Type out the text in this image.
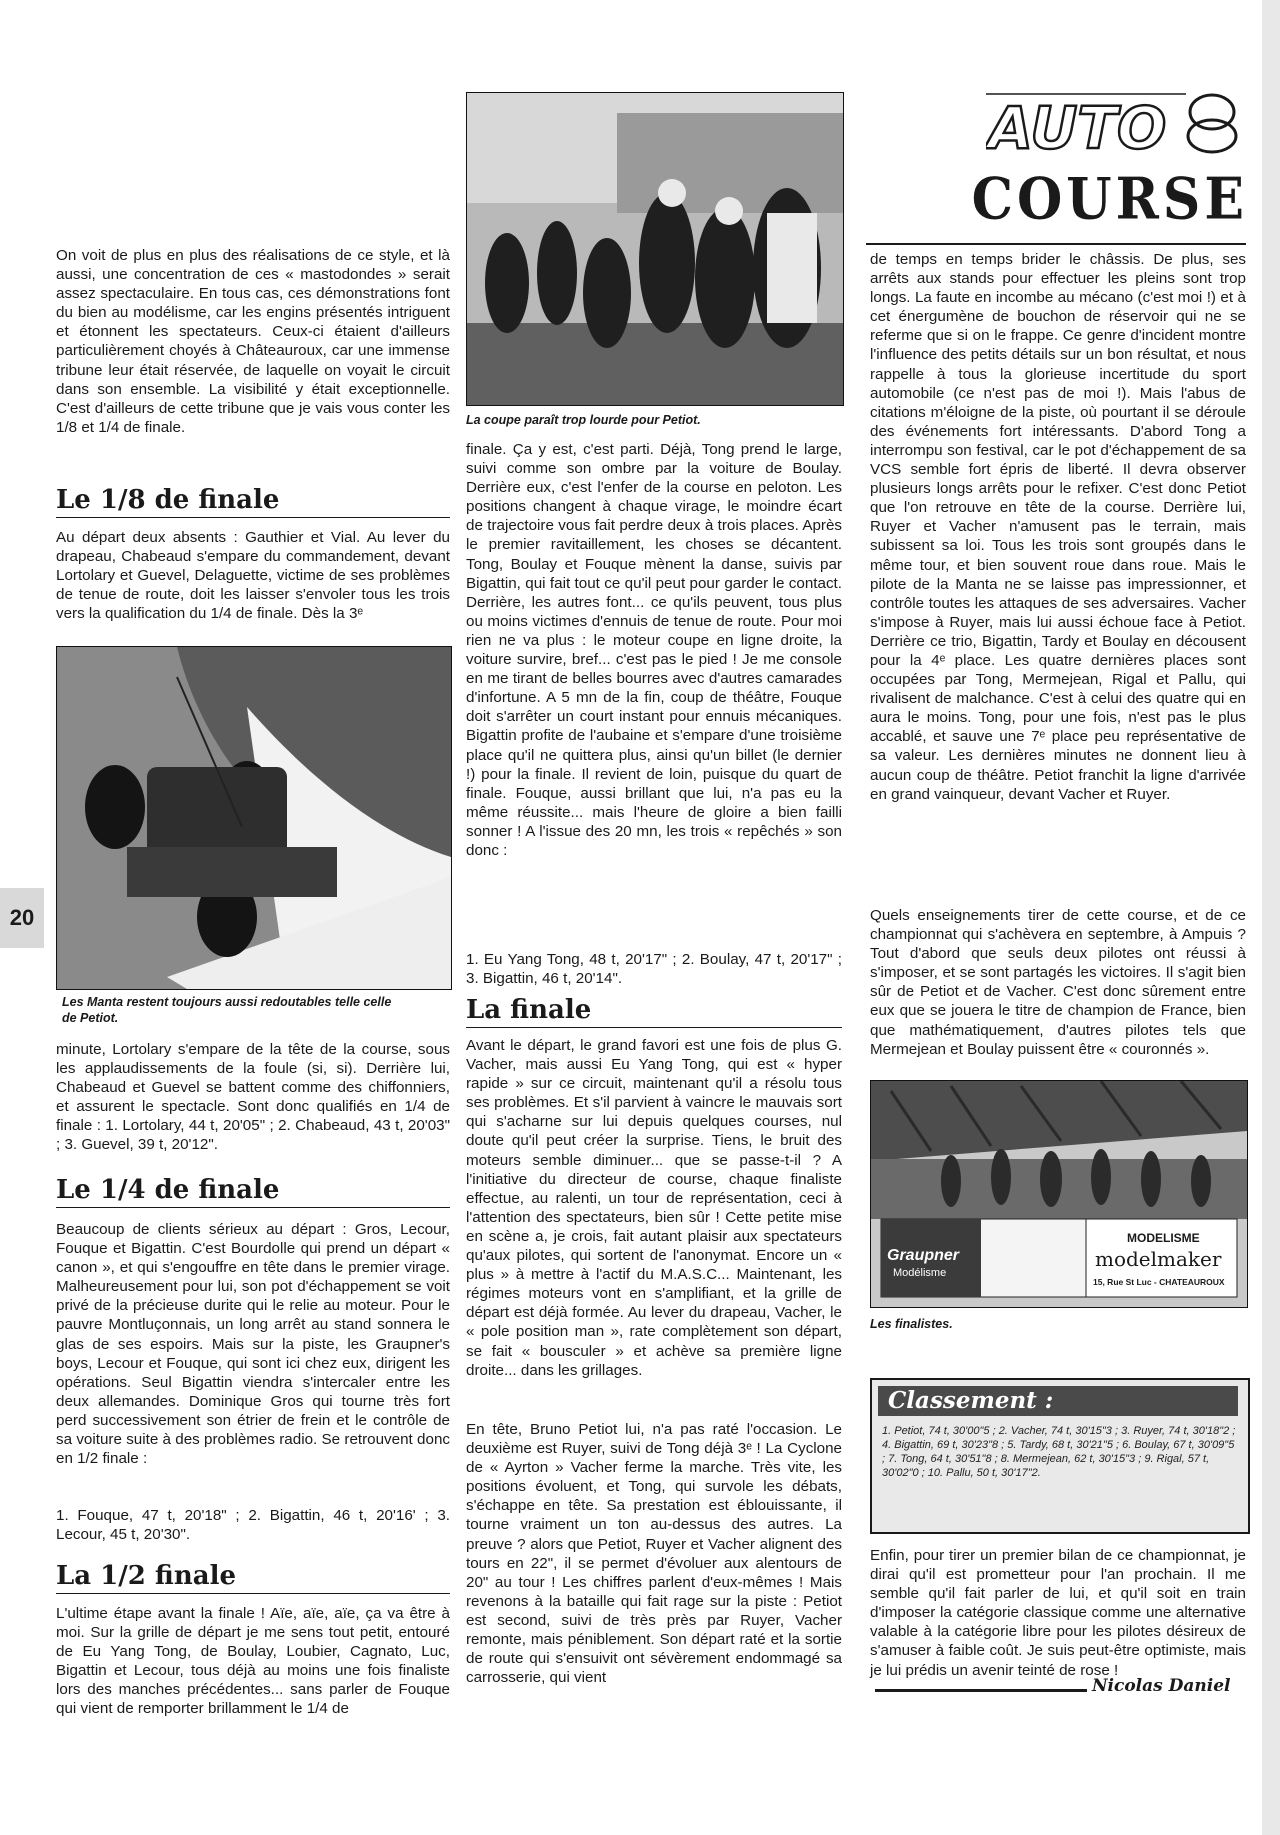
20
AUTO
COURSE

On voit de plus en plus des réalisations de ce style, et là aussi, une concentration de ces « mastodondes » serait assez spectaculaire. En tous cas, ces démonstrations font du bien au modélisme, car les engins présentés intriguent et étonnent les spectateurs. Ceux-ci étaient d'ailleurs particulièrement choyés à Châteauroux, car une immense tribune leur était réservée, de laquelle on voyait le circuit dans son ensemble. La visibilité y était exceptionnelle. C'est d'ailleurs de cette tribune que je vais vous conter les 1/8 et 1/4 de finale.

Le 1/8 de finale

Au départ deux absents : Gauthier et Vial. Au lever du drapeau, Chabeaud s'empare du commandement, devant Lortolary et Guevel, Delaguette, victime de ses problèmes de tenue de route, doit les laisser s'envoler tous les trois vers la qualification du 1/4 de finale. Dès la 3ᵉ

Les Manta restent toujours aussi redoutables telle celle de Petiot.

minute, Lortolary s'empare de la tête de la course, sous les applaudissements de la foule (si, si). Derrière lui, Chabeaud et Guevel se battent comme des chiffonniers, et assurent le spectacle. Sont donc qualifiés en 1/4 de finale : 1. Lortolary, 44 t, 20'05" ; 2. Chabeaud, 43 t, 20'03" ; 3. Guevel, 39 t, 20'12".

Le 1/4 de finale

Beaucoup de clients sérieux au départ : Gros, Lecour, Fouque et Bigattin. C'est Bourdolle qui prend un départ « canon », et qui s'engouffre en tête dans le premier virage. Malheureusement pour lui, son pot d'échappement se voit privé de la précieuse durite qui le relie au moteur. Pour le pauvre Montluçonnais, un long arrêt au stand sonnera le glas de ses espoirs. Mais sur la piste, les Graupner's boys, Lecour et Fouque, qui sont ici chez eux, dirigent les opérations. Seul Bigattin viendra s'intercaler entre les deux allemandes. Dominique Gros qui tourne très fort perd successivement son étrier de frein et le contrôle de sa voiture suite à des problèmes radio. Se retrouvent donc en 1/2 finale :

1. Fouque, 47 t, 20'18" ; 2. Bigattin, 46 t, 20'16' ; 3. Lecour, 45 t, 20'30".

La 1/2 finale

L'ultime étape avant la finale ! Aïe, aïe, aïe, ça va être à moi. Sur la grille de départ je me sens tout petit, entouré de Eu Yang Tong, de Boulay, Loubier, Cagnato, Luc, Bigattin et Lecour, tous déjà au moins une fois finaliste lors des manches précédentes... sans parler de Fouque qui vient de remporter brillamment le 1/4 de

La coupe paraît trop lourde pour Petiot.

finale. Ça y est, c'est parti. Déjà, Tong prend le large, suivi comme son ombre par la voiture de Boulay. Derrière eux, c'est l'enfer de la course en peloton. Les positions changent à chaque virage, le moindre écart de trajectoire vous fait perdre deux à trois places. Après le premier ravitaillement, les choses se décantent. Tong, Boulay et Fouque mènent la danse, suivis par Bigattin, qui fait tout ce qu'il peut pour garder le contact. Derrière, les autres font... ce qu'ils peuvent, tous plus ou moins victimes d'ennuis de tenue de route. Pour moi rien ne va plus : le moteur coupe en ligne droite, la voiture survire, bref... c'est pas le pied ! Je me console en me tirant de belles bourres avec d'autres camarades d'infortune. A 5 mn de la fin, coup de théâtre, Fouque doit s'arrêter un court instant pour ennuis mécaniques. Bigattin profite de l'aubaine et s'empare d'une troisième place qu'il ne quittera plus, ainsi qu'un billet (le dernier !) pour la finale. Il revient de loin, puisque du quart de finale. Fouque, aussi brillant que lui, n'a pas eu la même réussite... mais l'heure de gloire a bien failli sonner ! A l'issue des 20 mn, les trois « repêchés » son donc :

1. Eu Yang Tong, 48 t, 20'17" ; 2. Boulay, 47 t, 20'17" ; 3. Bigattin, 46 t, 20'14".

La finale

Avant le départ, le grand favori est une fois de plus G. Vacher, mais aussi Eu Yang Tong, qui est « hyper rapide » sur ce circuit, maintenant qu'il a résolu tous ses problèmes. Et s'il parvient à vaincre le mauvais sort qui s'acharne sur lui depuis quelques courses, nul doute qu'il peut créer la surprise. Tiens, le bruit des moteurs semble diminuer... que se passe-t-il ? A l'initiative du directeur de course, chaque finaliste effectue, au ralenti, un tour de représentation, ceci à l'attention des spectateurs, bien sûr ! Cette petite mise en scène a, je crois, fait autant plaisir aux spectateurs qu'aux pilotes, qui sortent de l'anonymat. Encore un « plus » à mettre à l'actif du M.A.S.C... Maintenant, les régimes moteurs vont en s'amplifiant, et la grille de départ est déjà formée. Au lever du drapeau, Vacher, le « pole position man », rate complètement son départ, se fait « bousculer » et achève sa première ligne droite... dans les grillages.

En tête, Bruno Petiot lui, n'a pas raté l'occasion. Le deuxième est Ruyer, suivi de Tong déjà 3ᵉ ! La Cyclone de « Ayrton » Vacher ferme la marche. Très vite, les positions évoluent, et Tong, qui survole les débats, s'échappe en tête. Sa prestation est éblouissante, il tourne vraiment un ton au-dessus des autres. La preuve ? alors que Petiot, Ruyer et Vacher alignent des tours en 22", il se permet d'évoluer aux alentours de 20" au tour ! Les chiffres parlent d'eux-mêmes ! Mais revenons à la bataille qui fait rage sur la piste : Petiot est second, suivi de très près par Ruyer, Vacher remonte, mais péniblement. Son départ raté et la sortie de route qui s'ensuivit ont sévèrement endommagé sa carrosserie, qui vient

de temps en temps brider le châssis. De plus, ses arrêts aux stands pour effectuer les pleins sont trop longs. La faute en incombe au mécano (c'est moi !) et à cet énergumène de bouchon de réservoir qui ne se referme que si on le frappe. Ce genre d'incident montre l'influence des petits détails sur un bon résultat, et nous rappelle à tous la glorieuse incertitude du sport automobile (ce n'est pas de moi !). Mais l'abus de citations m'éloigne de la piste, où pourtant il se déroule des événements fort intéressants. D'abord Tong a interrompu son festival, car le pot d'échappement de sa VCS semble fort épris de liberté. Il devra observer plusieurs longs arrêts pour le refixer. C'est donc Petiot que l'on retrouve en tête de la course. Derrière lui, Ruyer et Vacher n'amusent pas le terrain, mais subissent sa loi. Tous les trois sont groupés dans le même tour, et bien souvent roue dans roue. Mais le pilote de la Manta ne se laisse pas impressionner, et contrôle toutes les attaques de ses adversaires. Vacher s'impose à Ruyer, mais lui aussi échoue face à Petiot. Derrière ce trio, Bigattin, Tardy et Boulay en décousent pour la 4ᵉ place. Les quatre dernières places sont occupées par Tong, Mermejean, Rigal et Pallu, qui rivalisent de malchance. C'est à celui des quatre qui en aura le moins. Tong, pour une fois, n'est pas le plus accablé, et sauve une 7ᵉ place peu représentative de sa valeur. Les dernières minutes ne donnent lieu à aucun coup de théâtre. Petiot franchit la ligne d'arrivée en grand vainqueur, devant Vacher et Ruyer.

Quels enseignements tirer de cette course, et de ce championnat qui s'achèvera en septembre, à Ampuis ? Tout d'abord que seuls deux pilotes ont réussi à s'imposer, et se sont partagés les victoires. Il s'agit bien sûr de Petiot et de Vacher. C'est donc sûrement entre eux que se jouera le titre de champion de France, bien que mathématiquement, d'autres pilotes tels que Mermejean et Boulay puissent être « couronnés ».

Graupner
Modélisme
MODELISME
modelmaker
15, Rue St Luc - CHATEAUROUX

Les finalistes.

Classement :

1. Petiot, 74 t, 30'00"5 ; 2. Vacher, 74 t, 30'15"3 ; 3. Ruyer, 74 t, 30'18"2 ; 4. Bigattin, 69 t, 30'23"8 ; 5. Tardy, 68 t, 30'21"5 ; 6. Boulay, 67 t, 30'09"5 ; 7. Tong, 64 t, 30'51"8 ; 8. Mermejean, 62 t, 30'15"3 ; 9. Rigal, 57 t, 30'02"0 ; 10. Pallu, 50 t, 30'17"2.

Enfin, pour tirer un premier bilan de ce championnat, je dirai qu'il est prometteur pour l'an prochain. Il me semble qu'il fait parler de lui, et qu'il soit en train d'imposer la catégorie classique comme une alternative valable à la catégorie libre pour les pilotes désireux de s'amuser à faible coût. Je suis peut-être optimiste, mais je lui prédis un avenir teinté de rose !

Nicolas Daniel
